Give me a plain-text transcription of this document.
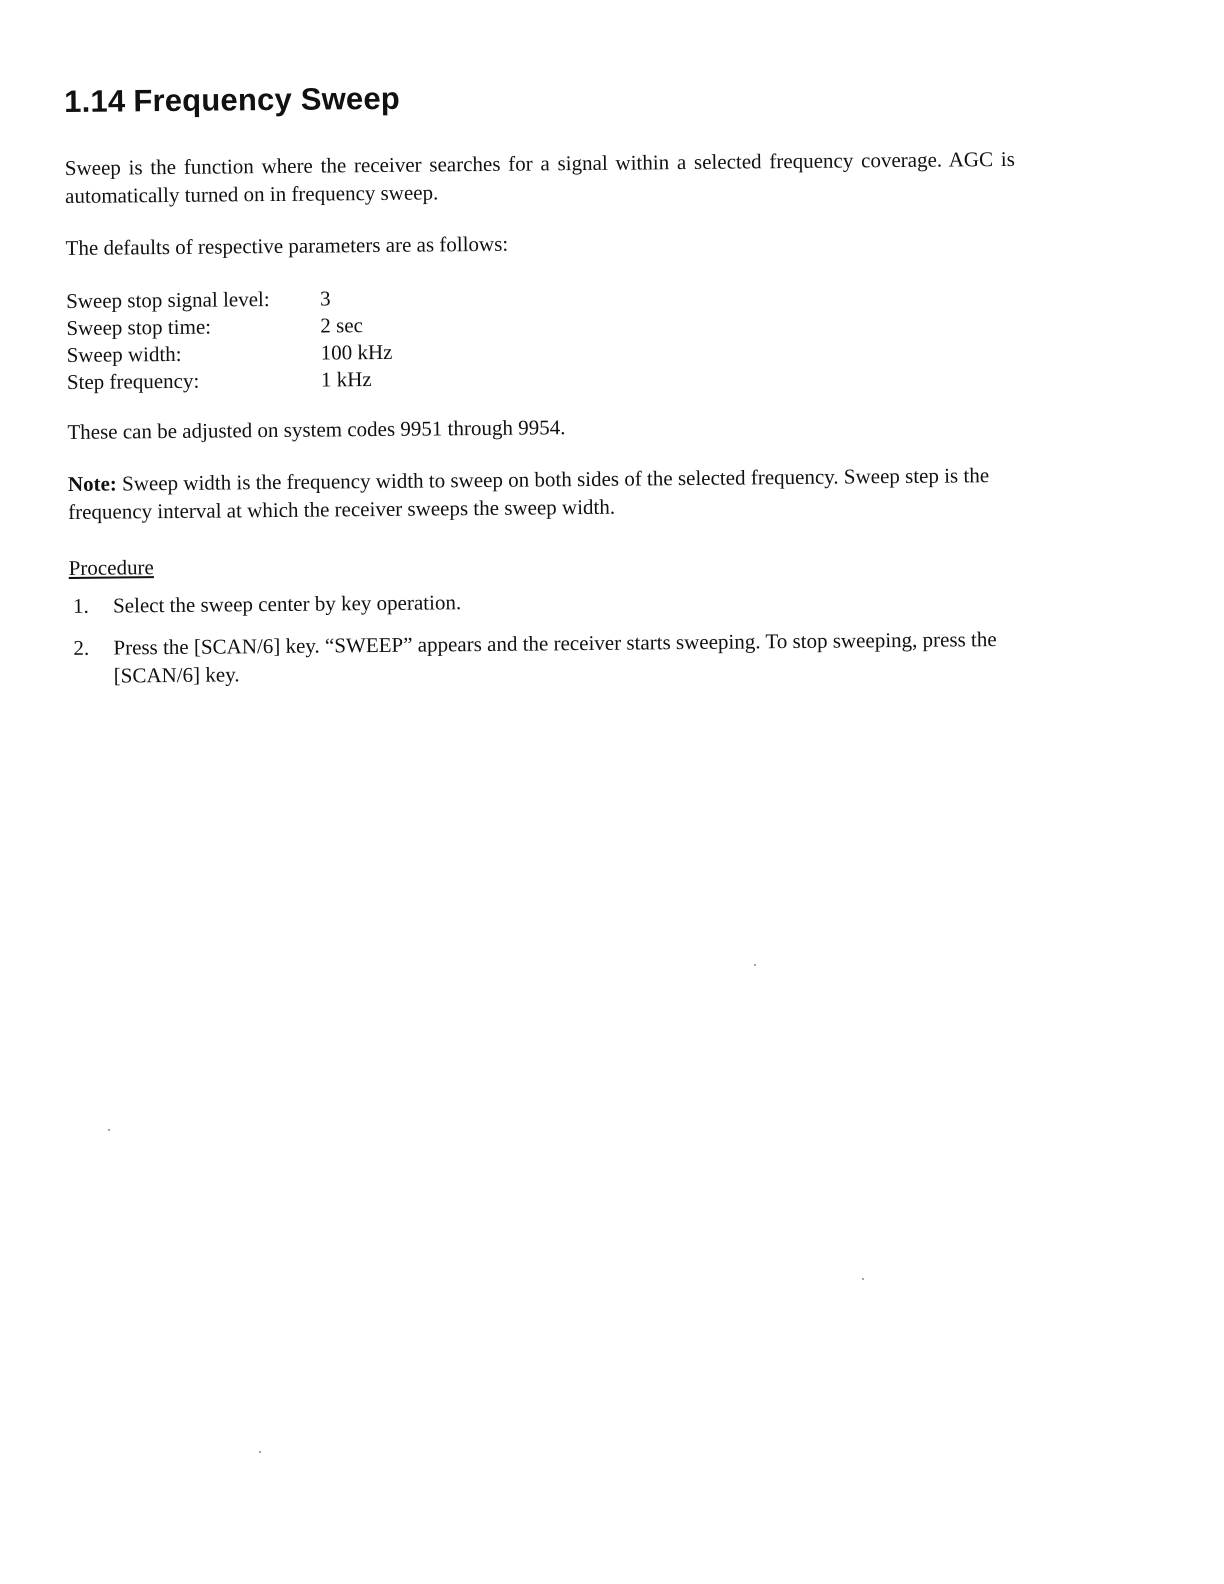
1.14 Frequency Sweep

Sweep is the function where the receiver searches for a signal within a selected frequency coverage. AGC is automatically turned on in frequency sweep.

The defaults of respective parameters are as follows:

Sweep stop signal level:	3
Sweep stop time:	2 sec
Sweep width:	100 kHz
Step frequency:	1 kHz

These can be adjusted on system codes 9951 through 9954.

Note: Sweep width is the frequency width to sweep on both sides of the selected frequency. Sweep step is the frequency interval at which the receiver sweeps the sweep width.

Procedure
1.	Select the sweep center by key operation.
2.	Press the [SCAN/6] key. “SWEEP” appears and the receiver starts sweeping. To stop sweeping, press the [SCAN/6] key.
